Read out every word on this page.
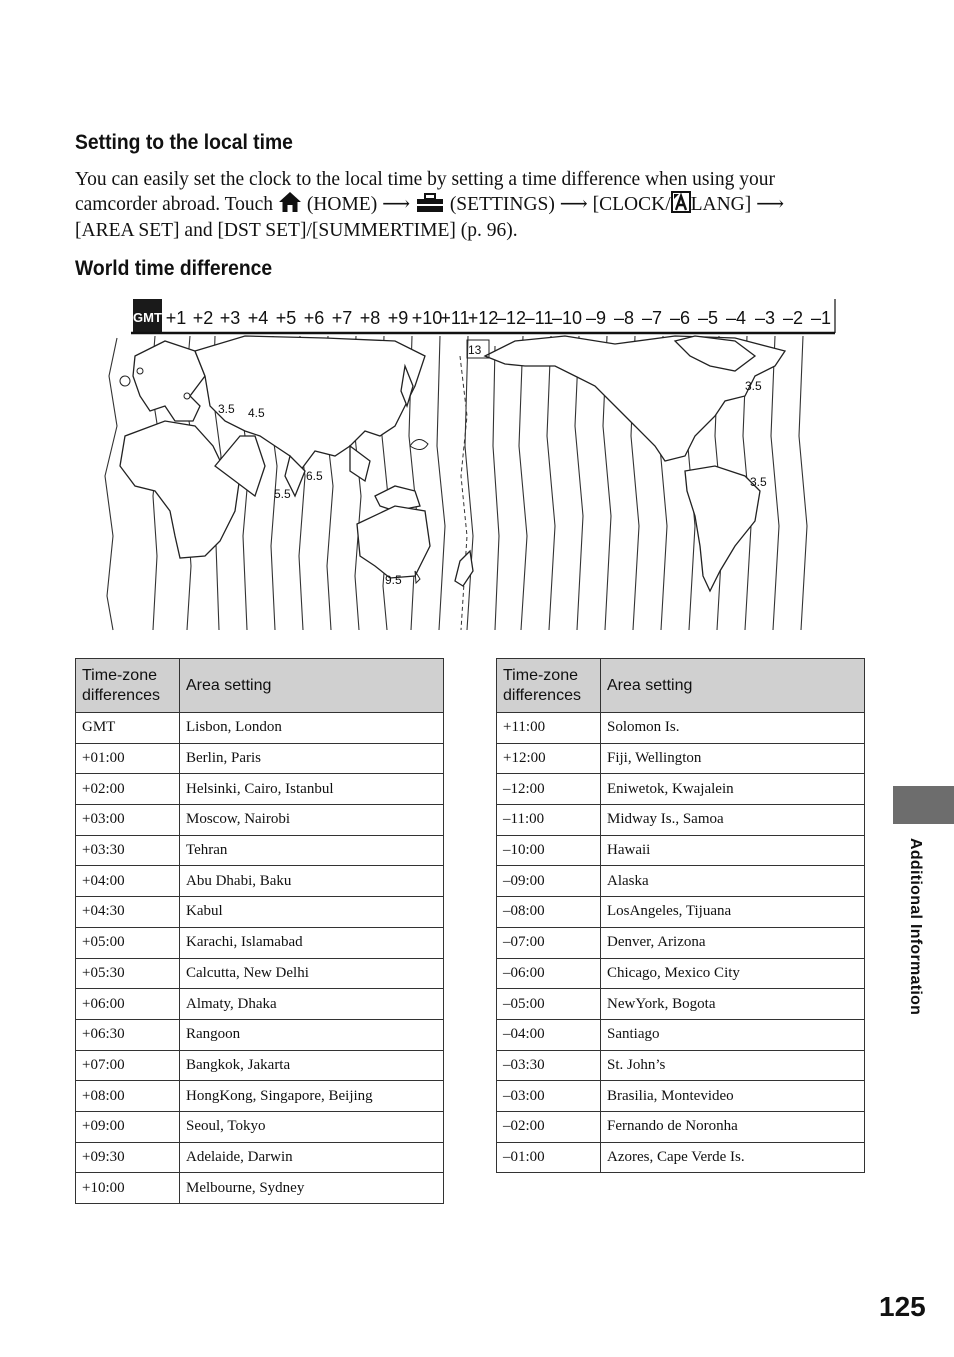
Setting to the local time

You can easily set the clock to the local time by setting a time difference when using your camcorder abroad. Touch (HOME) ⟶ (SETTINGS) ⟶ [CLOCK/ LANG] ⟶ [AREA SET] and [DST SET]/[SUMMERTIME] (p. 96).

World time difference
GMT +1 +2 +3 +4 +5 +6 +7 +8 +9 +10
+11
+12
–12
–11
–10 –9 –8 –7 –6 –5 –4 –3 –2 –1
3.5 4.5
5.5
6.5
9.5
13
3.5
3.5
Time-zone
differences	Area setting
GMT	Lisbon, London
+01:00	Berlin, Paris
+02:00	Helsinki, Cairo, Istanbul
+03:00	Moscow, Nairobi
+03:30	Tehran
+04:00	Abu Dhabi, Baku
+04:30	Kabul
+05:00	Karachi, Islamabad
+05:30	Calcutta, New Delhi
+06:00	Almaty, Dhaka
+06:30	Rangoon
+07:00	Bangkok, Jakarta
+08:00	HongKong, Singapore, Beijing
+09:00	Seoul, Tokyo
+09:30	Adelaide, Darwin
+10:00	Melbourne, Sydney
Time-zone
differences	Area setting
+11:00	Solomon Is.
+12:00	Fiji, Wellington
–12:00	Eniwetok, Kwajalein
–11:00	Midway Is., Samoa
–10:00	Hawaii
–09:00	Alaska
–08:00	LosAngeles, Tijuana
–07:00	Denver, Arizona
–06:00	Chicago, Mexico City
–05:00	NewYork, Bogota
–04:00	Santiago
–03:30	St. John’s
–03:00	Brasilia, Montevideo
–02:00	Fernando de Noronha
–01:00	Azores, Cape Verde Is.
Additional Information
125
